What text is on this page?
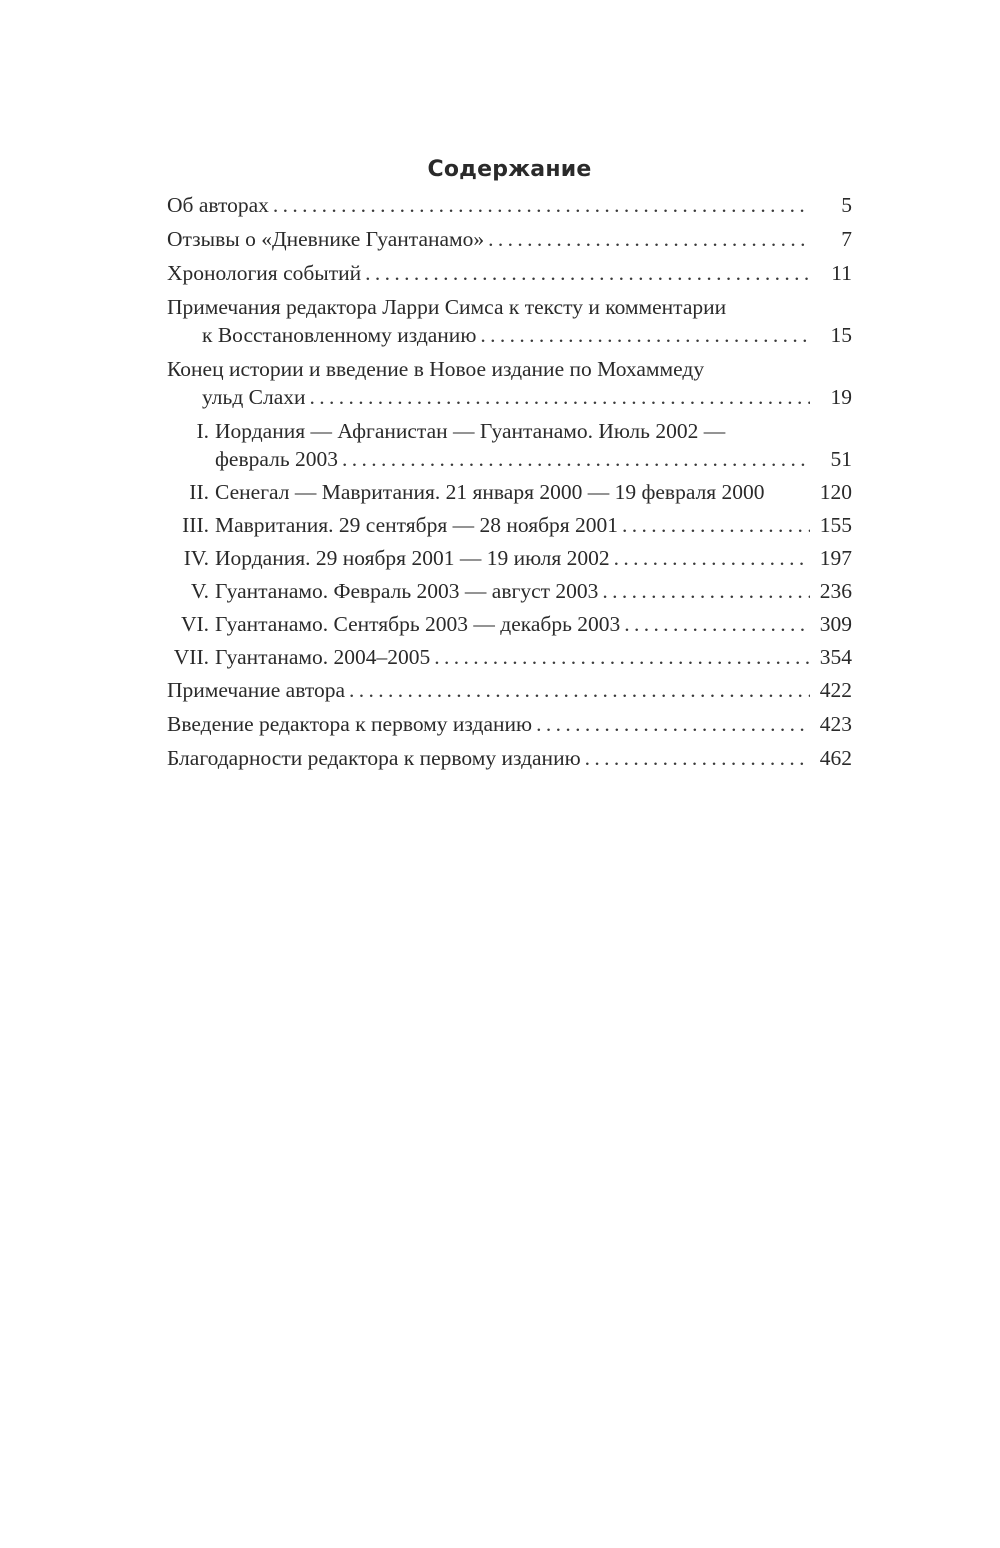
Содержание
Об авторах . . .	5
Отзывы о «Дневнике Гуантанамо» . . .	7
Хронология событий . . .	11
Примечания редактора Ларри Симса к тексту и комментарии
к Восстановленному изданию . . .	15
Конец истории и введение в Новое издание по Мохаммеду
ульд Слахи . . .	19
I. Иордания — Афганистан — Гуантанамо. Июль 2002 —
февраль 2003 . . .	51
II. Сенегал — Мавритания. 21 января 2000 — 19 февраля 2000	120
III. Мавритания. 29 сентября — 28 ноября 2001 . . .	155
IV. Иордания. 29 ноября 2001 — 19 июля 2002 . . .	197
V. Гуантанамо. Февраль 2003 — август 2003 . . .	236
VI. Гуантанамо. Сентябрь 2003 — декабрь 2003 . . .	309
VII. Гуантанамо. 2004–2005 . . .	354
Примечание автора . . .	422
Введение редактора к первому изданию . . .	423
Благодарности редактора к первому изданию . . .	462
